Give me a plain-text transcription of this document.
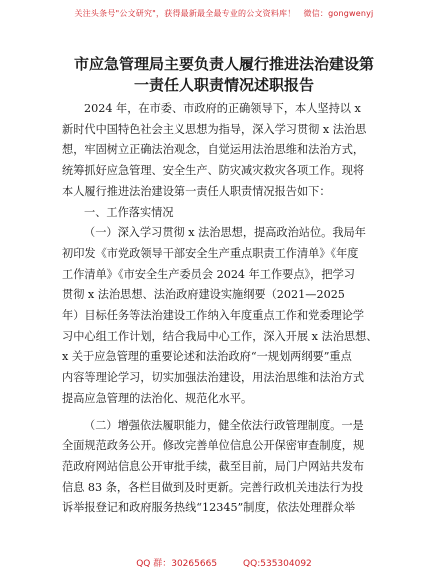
关注头条号"公文研究"，获得最新最全最专业的公文资料库！ 微信：gongwenyj
市应急管理局主要负责人履行推进法治建设第
一责任人职责情况述职报告
2024 年，在市委、市政府的正确领导下，本人坚持以 x
新时代中国特色社会主义思想为指导，深入学习贯彻 x 法治思
想，牢固树立正确法治观念，自觉运用法治思维和法治方式，
统筹抓好应急管理、安全生产、防灾减灾救灾各项工作。现将
本人履行推进法治建设第一责任人职责情况报告如下：
一、工作落实情况
（一）深入学习贯彻 x 法治思想，提高政治站位。我局年
初印发《市党政领导干部安全生产重点职责工作清单》《年度
工作清单》《市安全生产委员会 2024 年工作要点》，把学习
贯彻 x 法治思想、法治政府建设实施纲要（2021—2025
年）目标任务等法治建设工作纳入年度重点工作和党委理论学
习中心组工作计划，结合我局中心工作，深入开展 x 法治思想、
x 关于应急管理的重要论述和法治政府“一规划两纲要”重点
内容等理论学习，切实加强法治建设，用法治思维和法治方式
提高应急管理的法治化、规范化水平。
（二）增强依法履职能力，健全依法行政管理制度。一是
全面规范政务公开。修改完善单位信息公开保密审查制度，规
范政府网站信息公开审批手续，截至目前，局门户网站共发布
信息 83 条，各栏目做到及时更新。完善行政机关违法行为投
诉举报登记和政府服务热线“12345”制度，依法处理群众举
QQ 群：30265665	QQ:535304092
